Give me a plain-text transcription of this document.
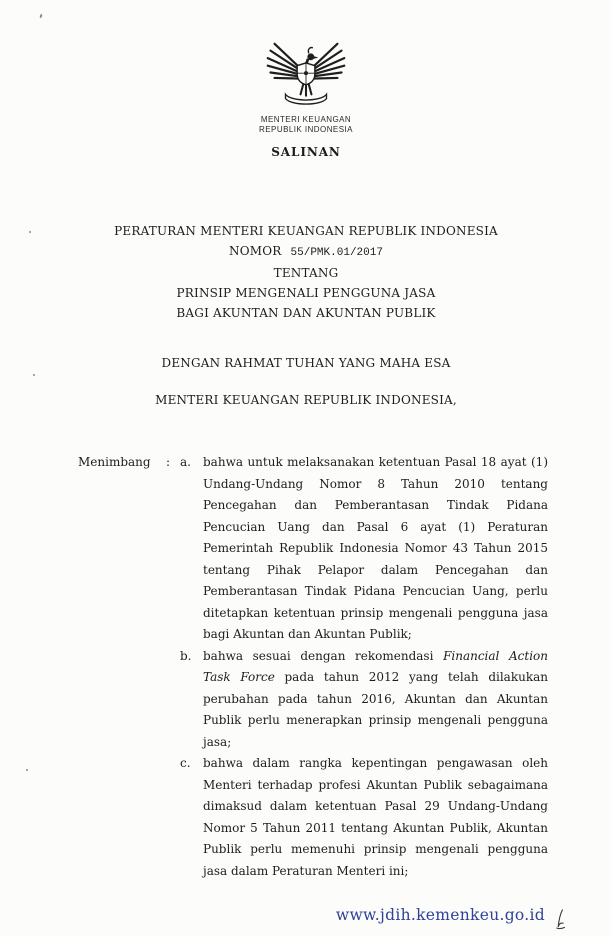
MENTERI KEUANGAN
REPUBLIK INDONESIA
SALINAN
PERATURAN MENTERI KEUANGAN REPUBLIK INDONESIA
NOMOR 55/PMK.01/2017
TENTANG
PRINSIP MENGENALI PENGGUNA JASA
BAGI AKUNTAN DAN AKUNTAN PUBLIK
DENGAN RAHMAT TUHAN YANG MAHA ESA
MENTERI KEUANGAN REPUBLIK INDONESIA,
Menimbang	: a.	bahwa untuk melaksanakan ketentuan Pasal 18 ayat (1) Undang-Undang Nomor 8 Tahun 2010 tentang Pencegahan dan Pemberantasan Tindak Pidana Pencucian Uang dan Pasal 6 ayat (1) Peraturan Pemerintah Republik Indonesia Nomor 43 Tahun 2015 tentang Pihak Pelapor dalam Pencegahan dan Pemberantasan Tindak Pidana Pencucian Uang, perlu ditetapkan ketentuan prinsip mengenali pengguna jasa bagi Akuntan dan Akuntan Publik;
b. bahwa sesuai dengan rekomendasi Financial Action Task Force pada tahun 2012 yang telah dilakukan perubahan pada tahun 2016, Akuntan dan Akuntan Publik perlu menerapkan prinsip mengenali pengguna jasa;
c.	bahwa dalam rangka kepentingan pengawasan oleh Menteri terhadap profesi Akuntan Publik sebagaimana dimaksud dalam ketentuan Pasal 29 Undang-Undang Nomor 5 Tahun 2011 tentang Akuntan Publik, Akuntan Publik perlu memenuhi prinsip mengenali pengguna jasa dalam Peraturan Menteri ini;
www.jdih.kemenkeu.go.id
